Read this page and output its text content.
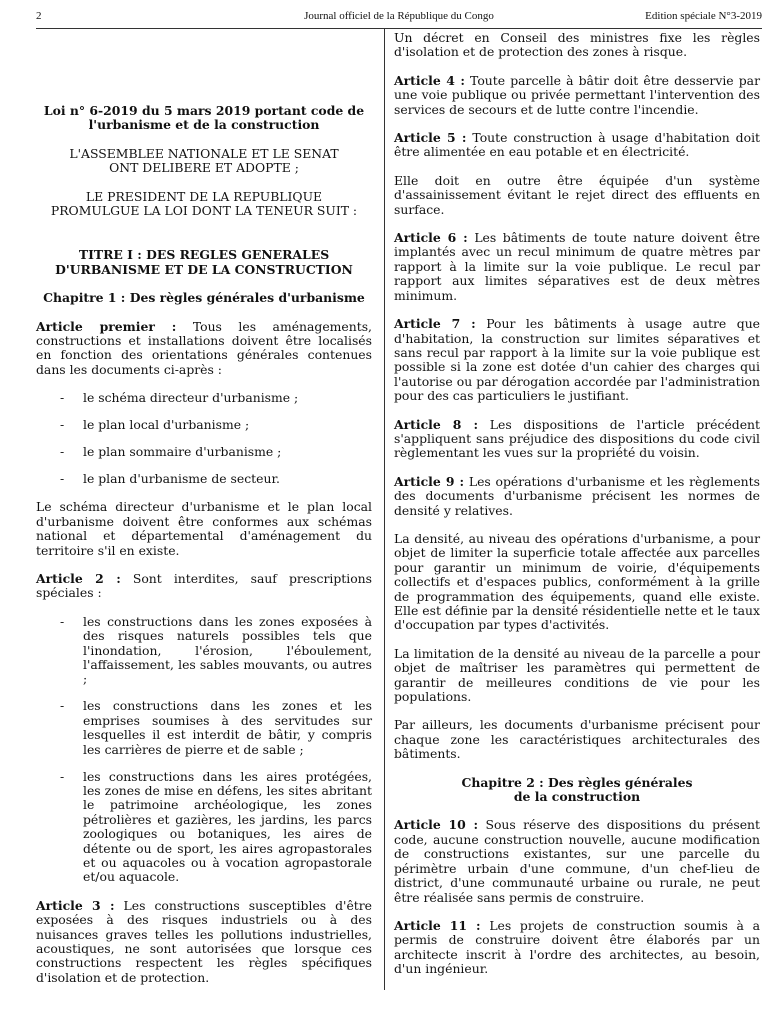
2	Journal officiel de la République du Congo	Edition spéciale N°3-2019

Loi n° 6-2019 du 5 mars 2019 portant code de l'urbanisme et de la construction

L'ASSEMBLEE NATIONALE ET LE SENAT ONT DELIBERE ET ADOPTE ;

LE PRESIDENT DE LA REPUBLIQUE PROMULGUE LA LOI DONT LA TENEUR SUIT :

TITRE I : DES REGLES GENERALES D'URBANISME ET DE LA CONSTRUCTION

Chapitre 1 : Des règles générales d'urbanisme

Article premier : Tous les aménagements, constructions et installations doivent être localisés en fonction des orientations générales contenues dans les documents ci-après :

- le schéma directeur d'urbanisme ;
- le plan local d'urbanisme ;
- le plan sommaire d'urbanisme ;
- le plan d'urbanisme de secteur.

Le schéma directeur d'urbanisme et le plan local d'urbanisme doivent être conformes aux schémas national et départemental d'aménagement du territoire s'il en existe.

Article 2 : Sont interdites, sauf prescriptions spéciales :

- les constructions dans les zones exposées à des risques naturels possibles tels que l'inondation, l'érosion, l'éboulement, l'affaissement, les sables mouvants, ou autres ;
- les constructions dans les zones et les emprises soumises à des servitudes sur lesquelles il est interdit de bâtir, y compris les carrières de pierre et de sable ;
- les constructions dans les aires protégées, les zones de mise en défens, les sites abritant le patrimoine archéologique, les zones pétrolières et gazières, les jardins, les parcs zoologiques ou botaniques, les aires de détente ou de sport, les aires agropastorales et ou aquacoles ou à vocation agropastorale et/ou aquacole.

Article 3 : Les constructions susceptibles d'être exposées à des risques industriels ou à des nuisances graves telles les pollutions industrielles, acoustiques, ne sont autorisées que lorsque ces constructions respectent les règles spécifiques d'isolation et de protection.

Un décret en Conseil des ministres fixe les règles d'isolation et de protection des zones à risque.

Article 4 : Toute parcelle à bâtir doit être desservie par une voie publique ou privée permettant l'intervention des services de secours et de lutte contre l'incendie.

Article 5 : Toute construction à usage d'habitation doit être alimentée en eau potable et en électricité.

Elle doit en outre être équipée d'un système d'assainissement évitant le rejet direct des effluents en surface.

Article 6 : Les bâtiments de toute nature doivent être implantés avec un recul minimum de quatre mètres par rapport à la limite sur la voie publique. Le recul par rapport aux limites séparatives est de deux mètres minimum.

Article 7 : Pour les bâtiments à usage autre que d'habitation, la construction sur limites séparatives et sans recul par rapport à la limite sur la voie publique est possible si la zone est dotée d'un cahier des charges qui l'autorise ou par dérogation accordée par l'administration pour des cas particuliers le justifiant.

Article 8 : Les dispositions de l'article précédent s'appliquent sans préjudice des dispositions du code civil règlementant les vues sur la propriété du voisin.

Article 9 : Les opérations d'urbanisme et les règlements des documents d'urbanisme précisent les normes de densité y relatives.

La densité, au niveau des opérations d'urbanisme, a pour objet de limiter la superficie totale affectée aux parcelles pour garantir un minimum de voirie, d'équipements collectifs et d'espaces publics, conformément à la grille de programmation des équipements, quand elle existe. Elle est définie par la densité résidentielle nette et le taux d'occupation par types d'activités.

La limitation de la densité au niveau de la parcelle a pour objet de maîtriser les paramètres qui permettent de garantir de meilleures conditions de vie pour les populations.

Par ailleurs, les documents d'urbanisme précisent pour chaque zone les caractéristiques architecturales des bâtiments.

Chapitre 2 : Des règles générales
de la construction

Article 10 : Sous réserve des dispositions du présent code, aucune construction nouvelle, aucune modification de constructions existantes, sur une parcelle du périmètre urbain d'une commune, d'un chef-lieu de district, d'une communauté urbaine ou rurale, ne peut être réalisée sans permis de construire.

Article 11 : Les projets de construction soumis à a permis de construire doivent être élaborés par un architecte inscrit à l'ordre des architectes, au besoin, d'un ingénieur.
